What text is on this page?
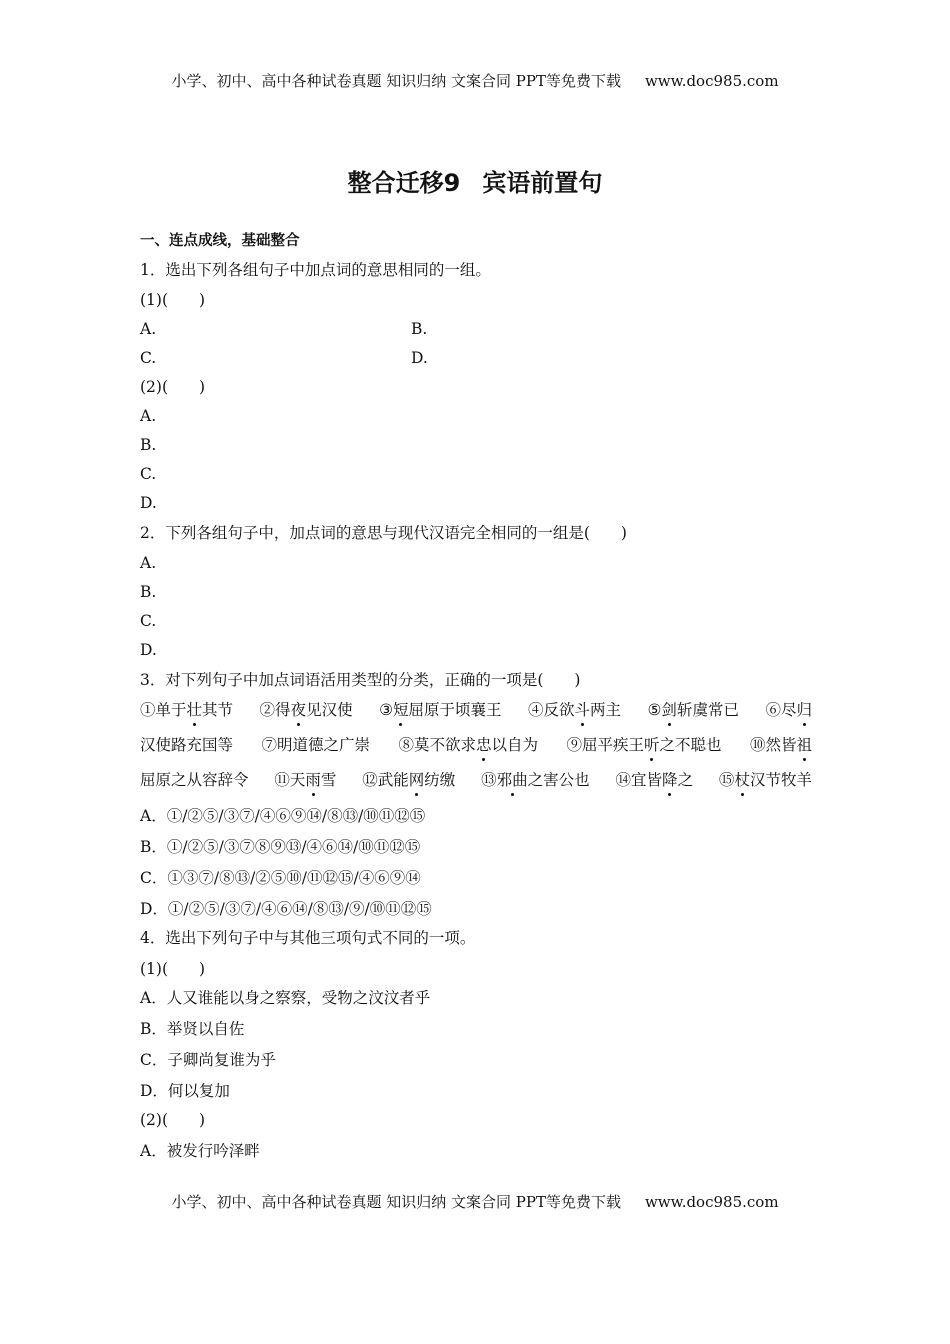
小学、初中、高中各种试卷真题 知识归纳 文案合同 PPT等免费下载 www.doc985.com
整合迁移9 宾语前置句
一、连点成线，基础整合
1．选出下列各组句子中加点词的意思相同的一组。
(1)(　　)
A.	B.
C.	D.
(2)(　　)
A.
B.
C.
D.
2．下列各组句子中，加点词的意思与现代汉语完全相同的一组是(　　)
A.
B.
C.
D.
3．对下列句子中加点词语活用类型的分类，正确的一项是(　　)
①单于壮其节 ②得夜见汉使 ③短屈原于顷襄王 ④反欲斗两主 ⑤剑斩虞常已 ⑥尽归
汉使路充国等 ⑦明道德之广崇 ⑧莫不欲求忠以自为 ⑨屈平疾王听之不聪也 ⑩然皆祖
屈原之从容辞令 ⑪天雨雪 ⑫武能网纺缴 ⑬邪曲之害公也 ⑭宜皆降之 ⑮杖汉节牧羊
A．①/②⑤/③⑦/④⑥⑨⑭/⑧⑬/⑩⑪⑫⑮
B．①/②⑤/③⑦⑧⑨⑬/④⑥⑭/⑩⑪⑫⑮
C．①③⑦/⑧⑬/②⑤⑩/⑪⑫⑮/④⑥⑨⑭
D．①/②⑤/③⑦/④⑥⑭/⑧⑬/⑨/⑩⑪⑫⑮
4．选出下列句子中与其他三项句式不同的一项。
(1)(　　)
A．人又谁能以身之察察，受物之汶汶者乎
B．举贤以自佐
C．子卿尚复谁为乎
D．何以复加
(2)(　　)
A．被发行吟泽畔
小学、初中、高中各种试卷真题 知识归纳 文案合同 PPT等免费下载 www.doc985.com
